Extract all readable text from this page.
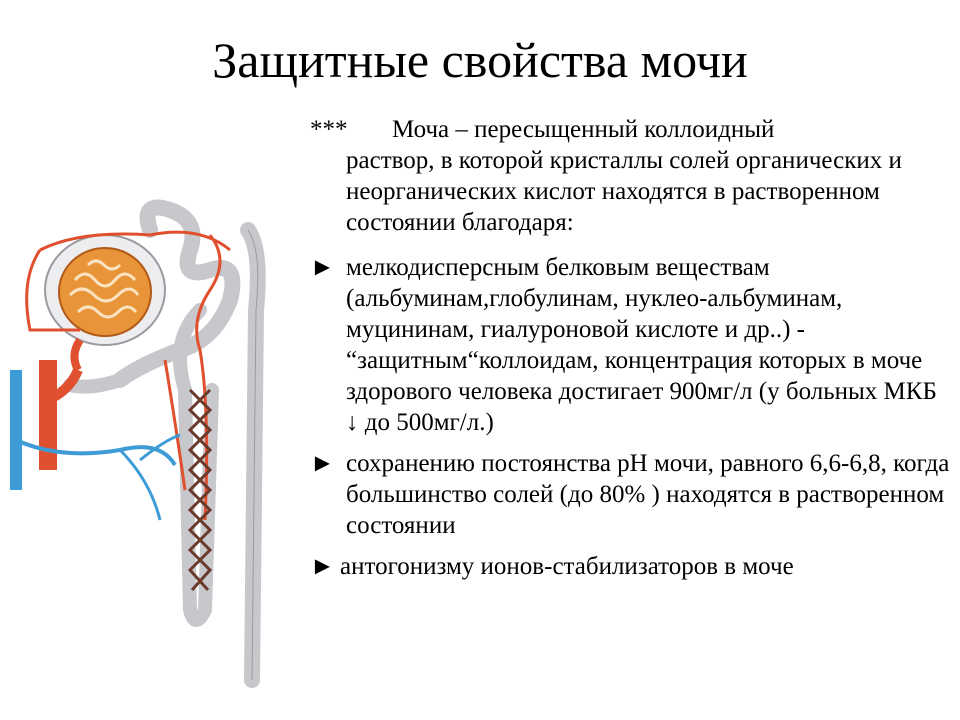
Защитные свойства мочи
*** Моча – пересыщенный коллоидный
раствор, в которой кристаллы солей органических и неорганических кислот находятся в растворенном состоянии благодаря:
► мелкодисперсным белковым веществам (альбуминам,глобулинам, нуклео-альбуминам, муцининам, гиалуроновой кислоте и др..) - “защитным“коллоидам, концентрация которых в моче здорового человека достигает 900мг/л (у больных МКБ ↓ до 500мг/л.)
► сохранению постоянства рН мочи, равного 6,6-6,8, когда большинство солей (до 80% ) находятся в растворенном состоянии
► антогонизму ионов-стабилизаторов в моче
